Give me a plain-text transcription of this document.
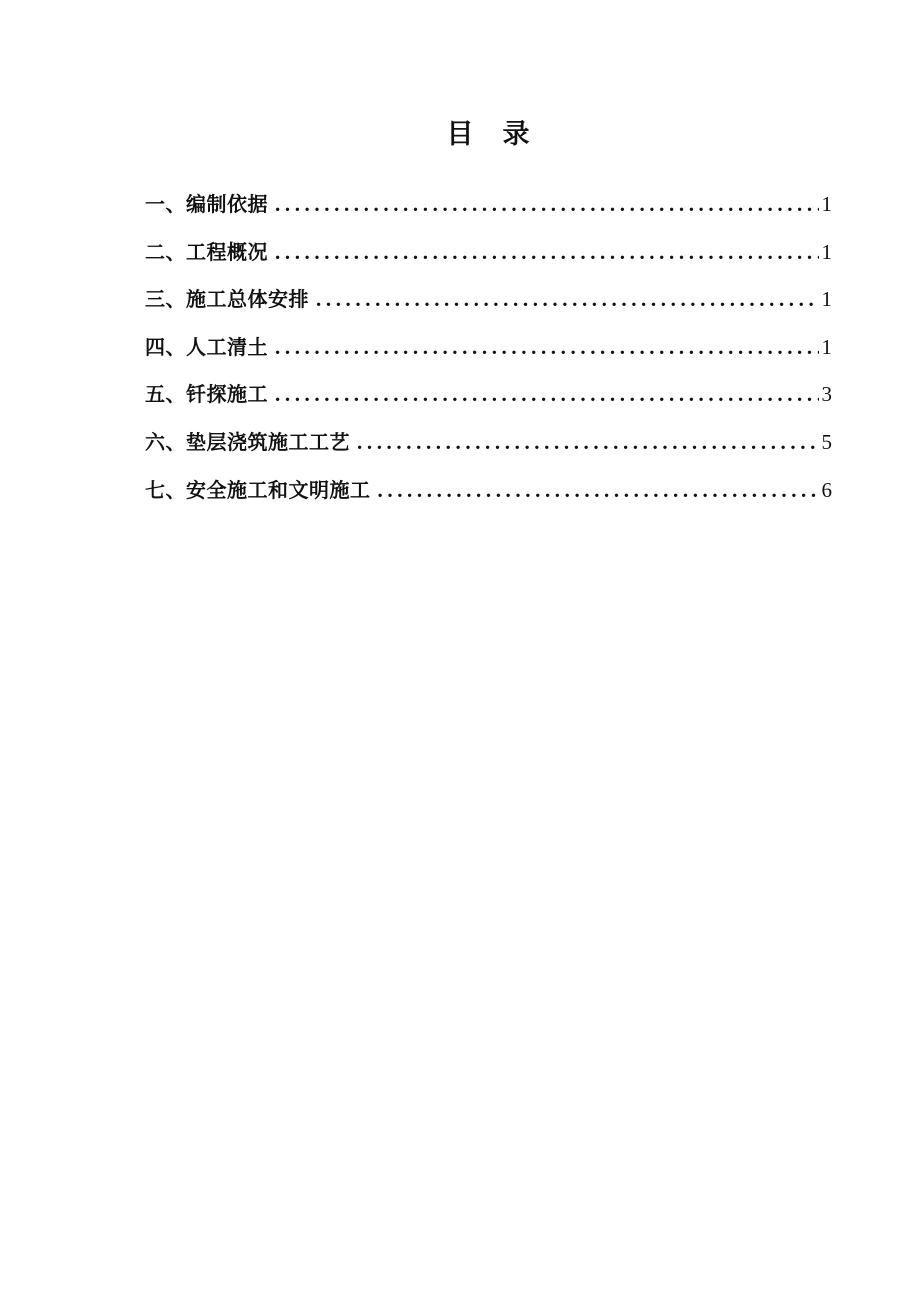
目　录
一、编制依据 .....	1
二、工程概况 .....	1
三、施工总体安排 .....	1
四、人工清土 .....	1
五、钎探施工 .....	3
六、垫层浇筑施工工艺 .....	5
七、安全施工和文明施工 .....	6
